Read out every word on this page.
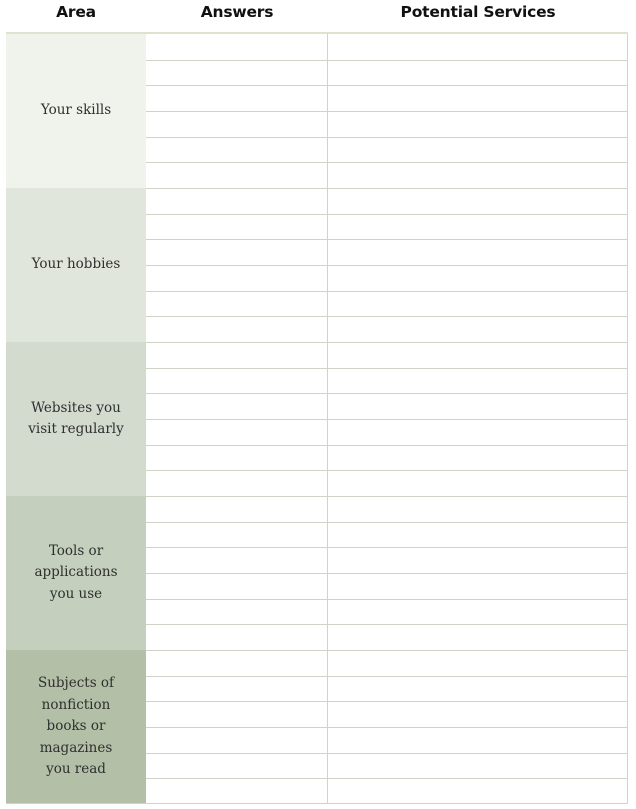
Area	Answers	Potential Services
Your skills
Your hobbies
Websites you
visit regularly
Tools or
applications
you use
Subjects of
nonfiction
books or
magazines
you read
